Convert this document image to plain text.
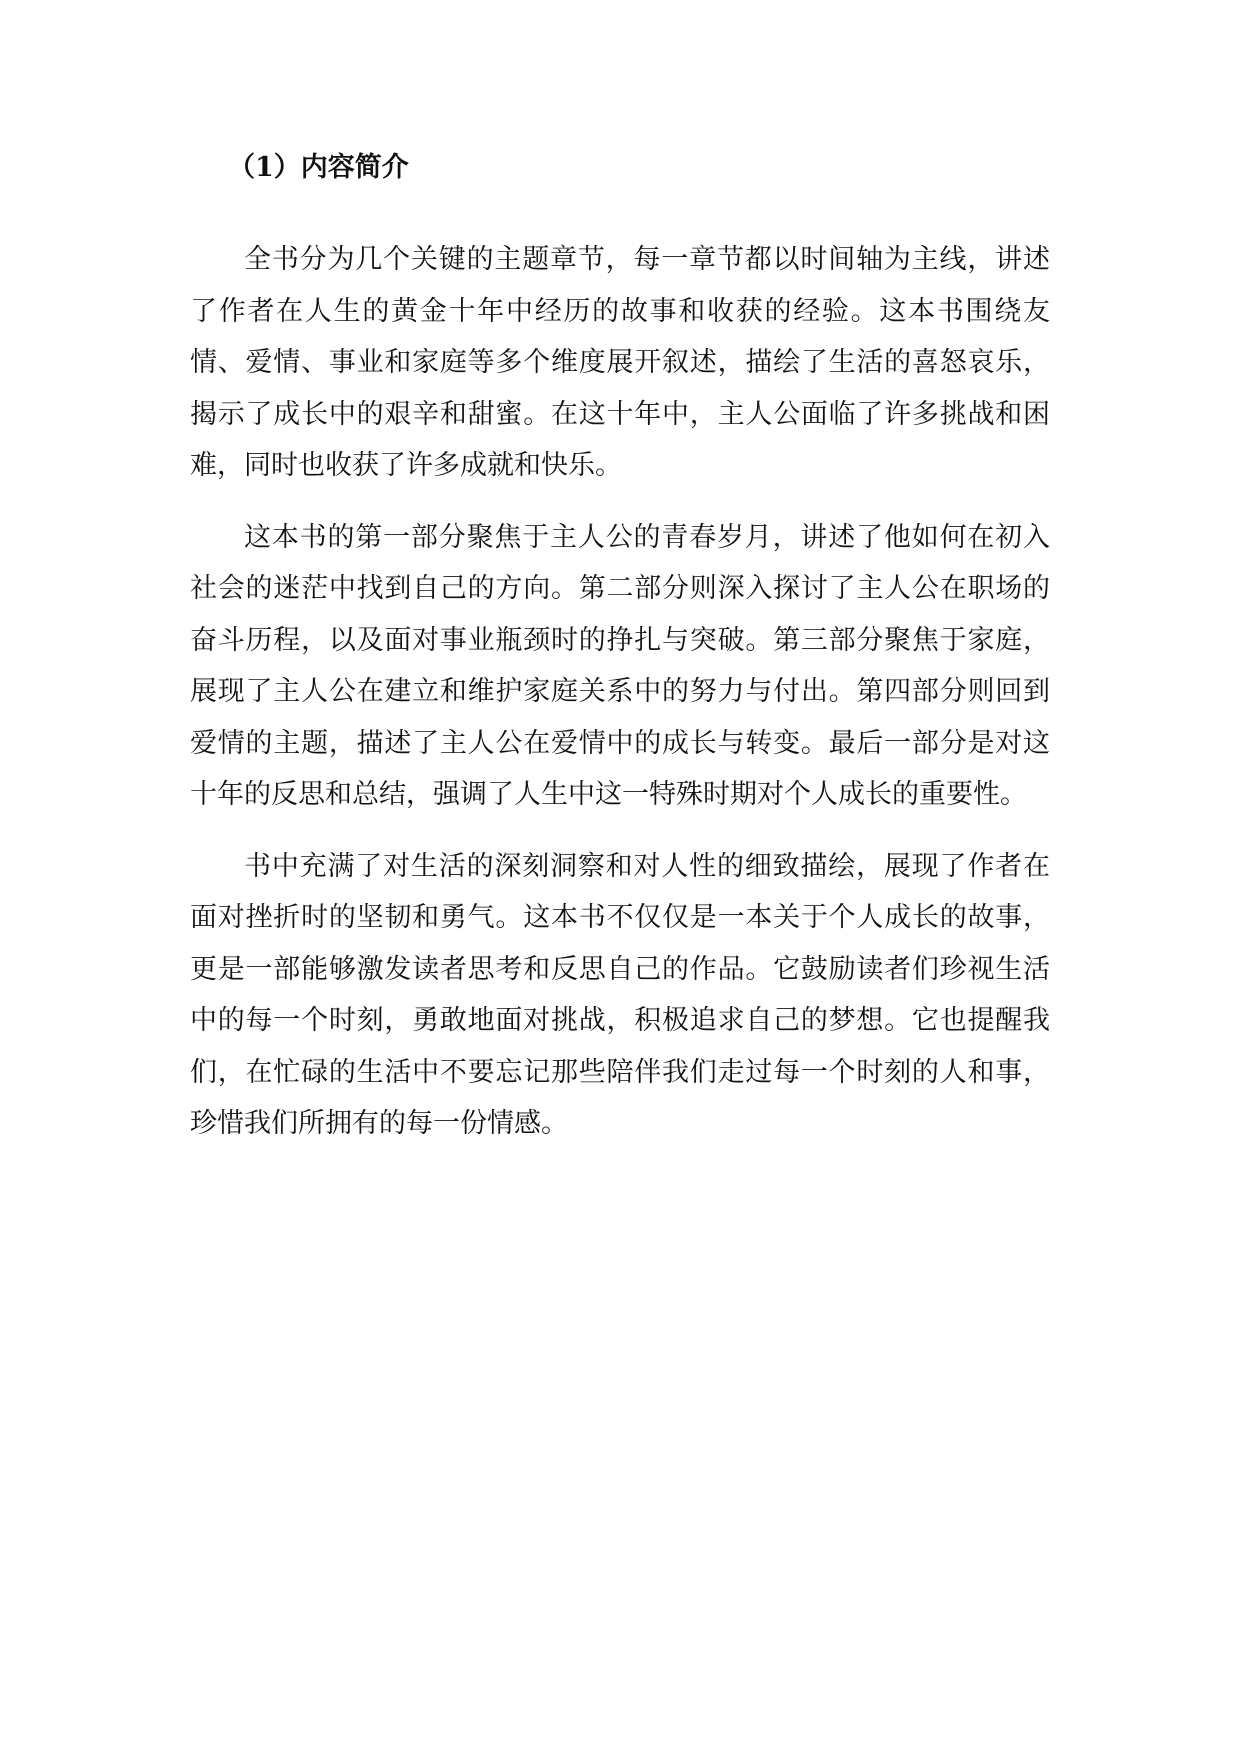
（1）内容简介

全书分为几个关键的主题章节，每一章节都以时间轴为主线，讲述了作者在人生的黄金十年中经历的故事和收获的经验。这本书围绕友情、爱情、事业和家庭等多个维度展开叙述，描绘了生活的喜怒哀乐，揭示了成长中的艰辛和甜蜜。在这十年中，主人公面临了许多挑战和困难，同时也收获了许多成就和快乐。

这本书的第一部分聚焦于主人公的青春岁月，讲述了他如何在初入社会的迷茫中找到自己的方向。第二部分则深入探讨了主人公在职场的奋斗历程，以及面对事业瓶颈时的挣扎与突破。第三部分聚焦于家庭，展现了主人公在建立和维护家庭关系中的努力与付出。第四部分则回到爱情的主题，描述了主人公在爱情中的成长与转变。最后一部分是对这十年的反思和总结，强调了人生中这一特殊时期对个人成长的重要性。

书中充满了对生活的深刻洞察和对人性的细致描绘，展现了作者在面对挫折时的坚韧和勇气。这本书不仅仅是一本关于个人成长的故事，更是一部能够激发读者思考和反思自己的作品。它鼓励读者们珍视生活中的每一个时刻，勇敢地面对挑战，积极追求自己的梦想。它也提醒我们，在忙碌的生活中不要忘记那些陪伴我们走过每一个时刻的人和事，珍惜我们所拥有的每一份情感。
